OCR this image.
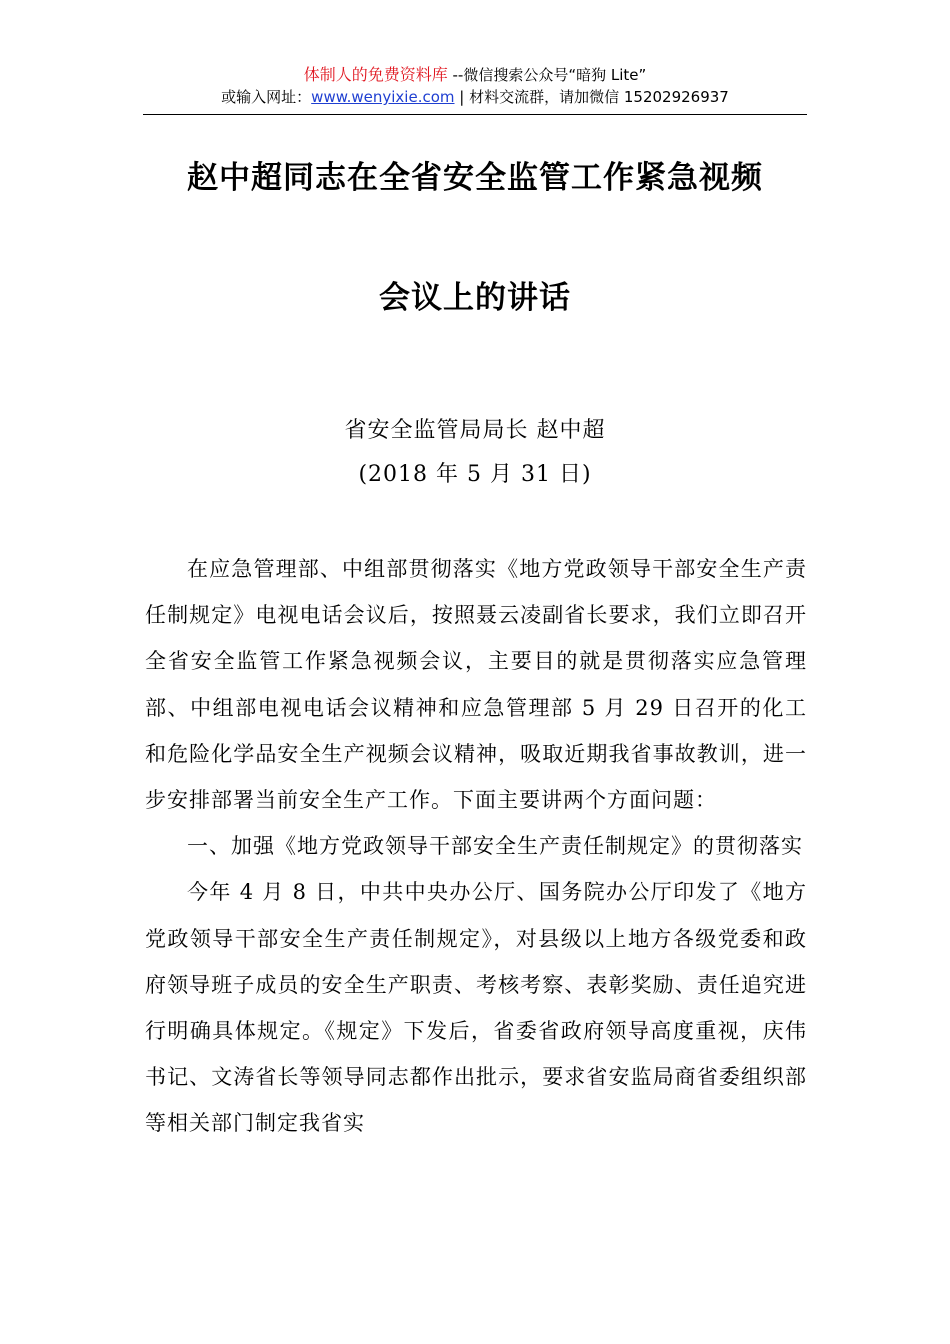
体制人的免费资料库 --微信搜索公众号“暗狗 Lite”
或输入网址：www.wenyixie.com | 材料交流群，请加微信 15202926937
赵中超同志在全省安全监管工作紧急视频
会议上的讲话
省安全监管局局长 赵中超
(2018 年 5 月 31 日)

在应急管理部、中组部贯彻落实《地方党政领导干部安全生产责任制规定》电视电话会议后，按照聂云凌副省长要求，我们立即召开全省安全监管工作紧急视频会议，主要目的就是贯彻落实应急管理部、中组部电视电话会议精神和应急管理部 5 月 29 日召开的化工和危险化学品安全生产视频会议精神，吸取近期我省事故教训，进一步安排部署当前安全生产工作。下面主要讲两个方面问题：

一、加强《地方党政领导干部安全生产责任制规定》的贯彻落实

今年 4 月 8 日，中共中央办公厅、国务院办公厅印发了《地方党政领导干部安全生产责任制规定》，对县级以上地方各级党委和政府领导班子成员的安全生产职责、考核考察、表彰奖励、责任追究进行明确具体规定。《规定》下发后，省委省政府领导高度重视，庆伟书记、文涛省长等领导同志都作出批示，要求省安监局商省委组织部等相关部门制定我省实
